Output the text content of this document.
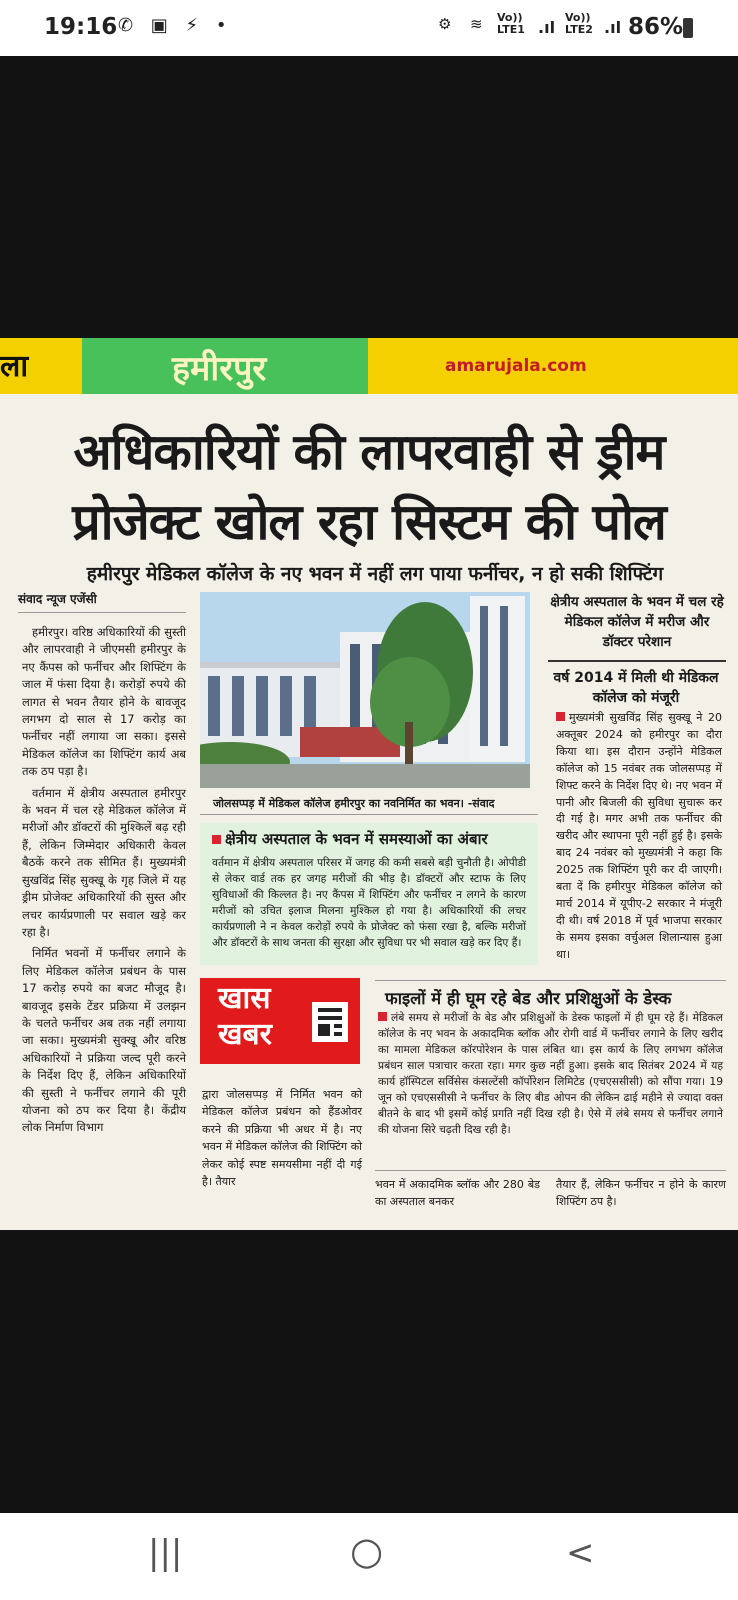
19:16 ✆ ▣ ⚡ •	⚙ ≋ Vo)) LTE1 .ıl
Vo)) LTE2 .ıl 86%
ला	हमीरपुर	amarujala.com
अधिकारियों की लापरवाही से ड्रीम
प्रोजेक्ट खोल रहा सिस्टम की पोल
हमीरपुर मेडिकल कॉलेज के नए भवन में नहीं लग पाया फर्नीचर, न हो सकी शिफ्टिंग
संवाद न्यूज एजेंसी

हमीरपुर। वरिष्ठ अधिकारियों की सुस्ती और लापरवाही ने जीएमसी हमीरपुर के नए कैंपस को फर्नीचर और शिफ्टिंग के जाल में फंसा दिया है। करोड़ों रुपये की लागत से भवन तैयार होने के बावजूद लगभग दो साल से 17 करोड़ का फर्नीचर नहीं लगाया जा सका। इससे मेडिकल कॉलेज का शिफ्टिंग कार्य अब तक ठप पड़ा है।

वर्तमान में क्षेत्रीय अस्पताल हमीरपुर के भवन में चल रहे मेडिकल कॉलेज में मरीजों और डॉक्टरों की मुश्किलें बढ़ रही हैं, लेकिन जिम्मेदार अधिकारी केवल बैठकें करने तक सीमित हैं। मुख्यमंत्री सुखविंद्र सिंह सुक्खू के गृह जिले में यह ड्रीम प्रोजेक्ट अधिकारियों की सुस्त और लचर कार्यप्रणाली पर सवाल खड़े कर रहा है।

निर्मित भवनों में फर्नीचर लगाने के लिए मेडिकल कॉलेज प्रबंधन के पास 17 करोड़ रुपये का बजट मौजूद है। बावजूद इसके टेंडर प्रक्रिया में उलझन के चलते फर्नीचर अब तक नहीं लगाया जा सका। मुख्यमंत्री सुक्खू और वरिष्ठ अधिकारियों ने प्रक्रिया जल्द पूरी करने के निर्देश दिए हैं, लेकिन अधिकारियों की सुस्ती ने फर्नीचर लगाने की पूरी योजना को ठप कर दिया है। केंद्रीय लोक निर्माण विभाग

जोलसप्पड़ में मेडिकल कॉलेज हमीरपुर का नवनिर्मित का भवन। -संवाद
क्षेत्रीय अस्पताल के भवन में चल रहे मेडिकल कॉलेज में मरीज और डॉक्टर परेशान
वर्ष 2014 में मिली थी मेडिकल कॉलेज को मंजूरी
मुख्यमंत्री सुखविंद्र सिंह सुक्खू ने 20 अक्तूबर 2024 को हमीरपुर का दौरा किया था। इस दौरान उन्होंने मेडिकल कॉलेज को 15 नवंबर तक जोलसप्पड़ में शिफ्ट करने के निर्देश दिए थे। नए भवन में पानी और बिजली की सुविधा सुचारू कर दी गई है। मगर अभी तक फर्नीचर की खरीद और स्थापना पूरी नहीं हुई है। इसके बाद 24 नवंबर को मुख्यमंत्री ने कहा कि 2025 तक शिफ्टिंग पूरी कर दी जाएगी। बता दें कि हमीरपुर मेडिकल कॉलेज को मार्च 2014 में यूपीए-2 सरकार ने मंजूरी दी थी। वर्ष 2018 में पूर्व भाजपा सरकार के समय इसका वर्चुअल शिलान्यास हुआ था।
क्षेत्रीय अस्पताल के भवन में समस्याओं का अंबार
वर्तमान में क्षेत्रीय अस्पताल परिसर में जगह की कमी सबसे बड़ी चुनौती है। ओपीडी से लेकर वार्ड तक हर जगह मरीजों की भीड़ है। डॉक्टरों और स्टाफ के लिए सुविधाओं की किल्लत है। नए कैंपस में शिफ्टिंग और फर्नीचर न लगने के कारण मरीजों को उचित इलाज मिलना मुश्किल हो गया है। अधिकारियों की लचर कार्यप्रणाली ने न केवल करोड़ों रुपये के प्रोजेक्ट को फंसा रखा है, बल्कि मरीजों और डॉक्टरों के साथ जनता की सुरक्षा और सुविधा पर भी सवाल खड़े कर दिए हैं।
खास
खबर
द्वारा जोलसप्पड़ में निर्मित भवन को मेडिकल कॉलेज प्रबंधन को हैंडओवर करने की प्रक्रिया भी अधर में है। नए भवन में मेडिकल कॉलेज की शिफ्टिंग को लेकर कोई स्पष्ट समयसीमा नहीं दी गई है। तैयार
फाइलों में ही घूम रहे बेड और प्रशिक्षुओं के डेस्क
लंबे समय से मरीजों के बेड और प्रशिक्षुओं के डेस्क फाइलों में ही घूम रहे हैं। मेडिकल कॉलेज के नए भवन के अकादमिक ब्लॉक और रोगी वार्ड में फर्नीचर लगाने के लिए खरीद का मामला मेडिकल कॉरपोरेशन के पास लंबित था। इस कार्य के लिए लगभग कॉलेज प्रबंधन साल पत्राचार करता रहा। मगर कुछ नहीं हुआ। इसके बाद सितंबर 2024 में यह कार्य हॉस्पिटल सर्विसेस कंसल्टेंसी कॉर्पोरेशन लिमिटेड (एचएससीसी) को सौंपा गया। 19 जून को एचएससीसी ने फर्नीचर के लिए बीड ओपन की लेकिन ढाई महीने से ज्यादा वक्त बीतने के बाद भी इसमें कोई प्रगति नहीं दिख रही है। ऐसे में लंबे समय से फर्नीचर लगाने की योजना सिरे चढ़ती दिख रही है।
भवन में अकादमिक ब्लॉक और 280 बेड का अस्पताल बनकर
तैयार हैं, लेकिन फर्नीचर न होने के कारण शिफ्टिंग ठप है।
|||	○	<
